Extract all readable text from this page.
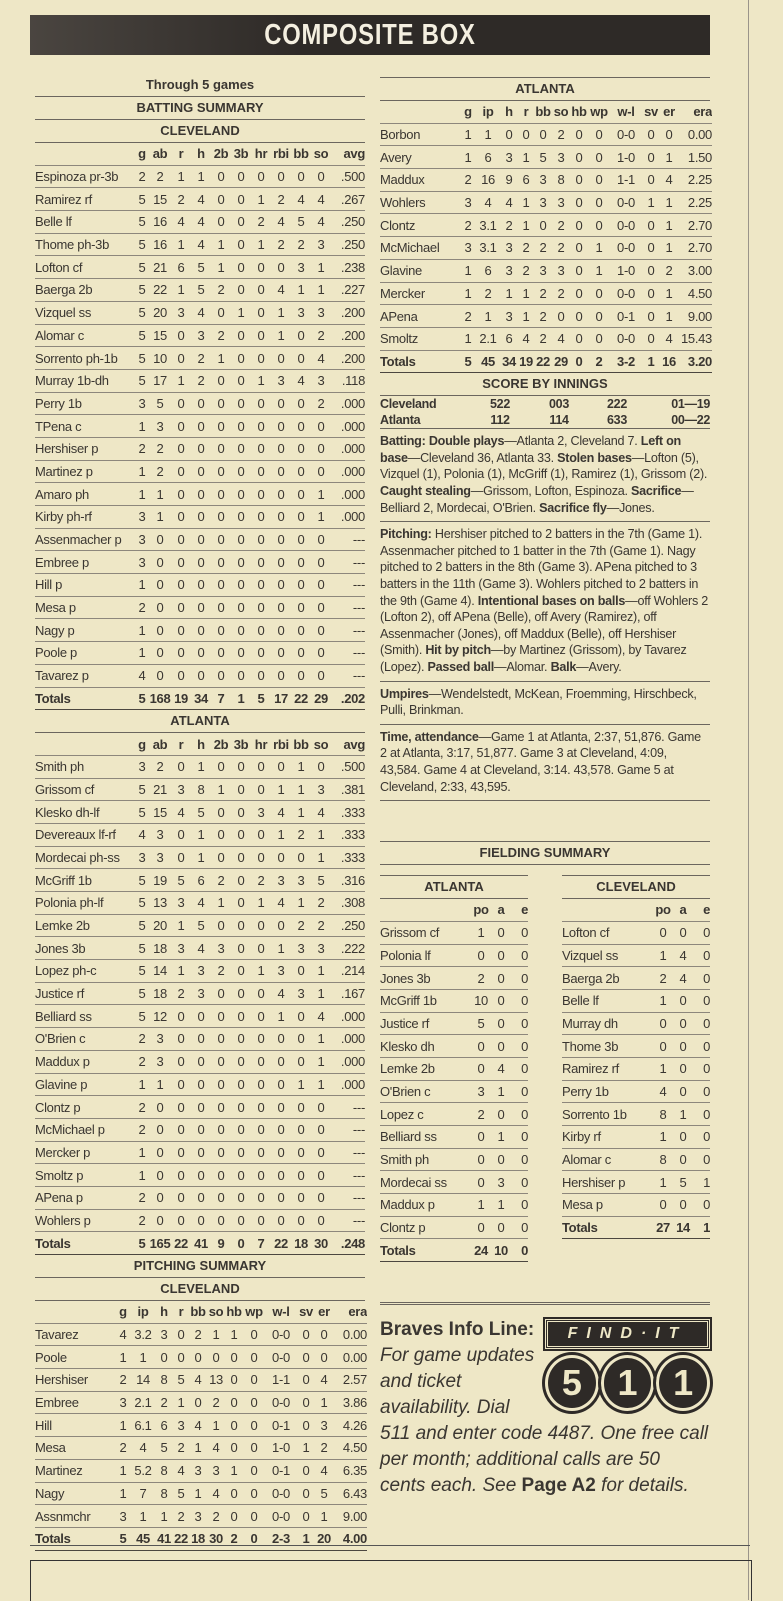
COMPOSITE BOX
Through 5 games
BATTING SUMMARY
CLEVELAND
	g	ab	r	h	2b	3b	hr	rbi	bb	so	avg
Espinoza pr-3b	2	2	1	1	0	0	0	0	0	0	.500
Ramirez rf	5	15	2	4	0	0	1	2	4	4	.267
Belle lf	5	16	4	4	0	0	2	4	5	4	.250
Thome ph-3b	5	16	1	4	1	0	1	2	2	3	.250
Lofton cf	5	21	6	5	1	0	0	0	3	1	.238
Baerga 2b	5	22	1	5	2	0	0	4	1	1	.227
Vizquel ss	5	20	3	4	0	1	0	1	3	3	.200
Alomar c	5	15	0	3	2	0	0	1	0	2	.200
Sorrento ph-1b	5	10	0	2	1	0	0	0	0	4	.200
Murray 1b-dh	5	17	1	2	0	0	1	3	4	3	.118
Perry 1b	3	5	0	0	0	0	0	0	0	2	.000
TPena c	1	3	0	0	0	0	0	0	0	0	.000
Hershiser p	2	2	0	0	0	0	0	0	0	0	.000
Martinez p	1	2	0	0	0	0	0	0	0	0	.000
Amaro ph	1	1	0	0	0	0	0	0	0	1	.000
Kirby ph-rf	3	1	0	0	0	0	0	0	0	1	.000
Assenmacher p	3	0	0	0	0	0	0	0	0	0	---
Embree p	3	0	0	0	0	0	0	0	0	0	---
Hill p	1	0	0	0	0	0	0	0	0	0	---
Mesa p	2	0	0	0	0	0	0	0	0	0	---
Nagy p	1	0	0	0	0	0	0	0	0	0	---
Poole p	1	0	0	0	0	0	0	0	0	0	---
Tavarez p	4	0	0	0	0	0	0	0	0	0	---
Totals	5	168	19	34	7	1	5	17	22	29	.202
ATLANTA
	g	ab	r	h	2b	3b	hr	rbi	bb	so	avg
Smith ph	3	2	0	1	0	0	0	0	1	0	.500
Grissom cf	5	21	3	8	1	0	0	1	1	3	.381
Klesko dh-lf	5	15	4	5	0	0	3	4	1	4	.333
Devereaux lf-rf	4	3	0	1	0	0	0	1	2	1	.333
Mordecai ph-ss	3	3	0	1	0	0	0	0	0	1	.333
McGriff 1b	5	19	5	6	2	0	2	3	3	5	.316
Polonia ph-lf	5	13	3	4	1	0	1	4	1	2	.308
Lemke 2b	5	20	1	5	0	0	0	0	2	2	.250
Jones 3b	5	18	3	4	3	0	0	1	3	3	.222
Lopez ph-c	5	14	1	3	2	0	1	3	0	1	.214
Justice rf	5	18	2	3	0	0	0	4	3	1	.167
Belliard ss	5	12	0	0	0	0	0	1	0	4	.000
O'Brien c	2	3	0	0	0	0	0	0	0	1	.000
Maddux p	2	3	0	0	0	0	0	0	0	1	.000
Glavine p	1	1	0	0	0	0	0	0	1	1	.000
Clontz p	2	0	0	0	0	0	0	0	0	0	---
McMichael p	2	0	0	0	0	0	0	0	0	0	---
Mercker p	1	0	0	0	0	0	0	0	0	0	---
Smoltz p	1	0	0	0	0	0	0	0	0	0	---
APena p	2	0	0	0	0	0	0	0	0	0	---
Wohlers p	2	0	0	0	0	0	0	0	0	0	---
Totals	5	165	22	41	9	0	7	22	18	30	.248
PITCHING SUMMARY
CLEVELAND
	g	ip	h	r	bb	so	hb	wp	w-l	sv	er	era
Tavarez	4	3.2	3	0	2	1	1	0	0-0	0	0	0.00
Poole	1	1	0	0	0	0	0	0	0-0	0	0	0.00
Hershiser	2	14	8	5	4	13	0	0	1-1	0	4	2.57
Embree	3	2.1	2	1	0	2	0	0	0-0	0	1	3.86
Hill	1	6.1	6	3	4	1	0	0	0-1	0	3	4.26
Mesa	2	4	5	2	1	4	0	0	1-0	1	2	4.50
Martinez	1	5.2	8	4	3	3	1	0	0-1	0	4	6.35
Nagy	1	7	8	5	1	4	0	0	0-0	0	5	6.43
Assnmchr	3	1	1	2	3	2	0	0	0-0	0	1	9.00
Totals	5	45	41	22	18	30	2	0	2-3	1	20	4.00
ATLANTA
	g	ip	h	r	bb	so	hb	wp	w-l	sv	er	era
Borbon	1	1	0	0	0	2	0	0	0-0	0	0	0.00
Avery	1	6	3	1	5	3	0	0	1-0	0	1	1.50
Maddux	2	16	9	6	3	8	0	0	1-1	0	4	2.25
Wohlers	3	4	4	1	3	3	0	0	0-0	1	1	2.25
Clontz	2	3.1	2	1	0	2	0	0	0-0	0	1	2.70
McMichael	3	3.1	3	2	2	2	0	1	0-0	0	1	2.70
Glavine	1	6	3	2	3	3	0	1	1-0	0	2	3.00
Mercker	1	2	1	1	2	2	0	0	0-0	0	1	4.50
APena	2	1	3	1	2	0	0	0	0-1	0	1	9.00
Smoltz	1	2.1	6	4	2	4	0	0	0-0	0	4	15.43
Totals	5	45	34	19	22	29	0	2	3-2	1	16	3.20
SCORE BY INNINGS
Cleveland	522	003	222	01—19
Atlanta	112	114	633	00—22
Batting: Double plays—Atlanta 2, Cleveland 7. Left on base—Cleveland 36, Atlanta 33. Stolen bases—Lofton (5), Vizquel (1), Polonia (1), McGriff (1), Ramirez (1), Grissom (2). Caught stealing—Grissom, Lofton, Espinoza. Sacrifice—Belliard 2, Mordecai, O'Brien. Sacrifice fly—Jones.
Pitching: Hershiser pitched to 2 batters in the 7th (Game 1). Assenmacher pitched to 1 batter in the 7th (Game 1). Nagy pitched to 2 batters in the 8th (Game 3). APena pitched to 3 batters in the 11th (Game 3). Wohlers pitched to 2 batters in the 9th (Game 4). Intentional bases on balls—off Wohlers 2 (Lofton 2), off APena (Belle), off Avery (Ramirez), off Assenmacher (Jones), off Maddux (Belle), off Hershiser (Smith). Hit by pitch—by Martinez (Grissom), by Tavarez (Lopez). Passed ball—Alomar. Balk—Avery.
Umpires—Wendelstedt, McKean, Froemming, Hirschbeck, Pulli, Brinkman.
Time, attendance—Game 1 at Atlanta, 2:37, 51,876. Game 2 at Atlanta, 3:17, 51,877. Game 3 at Cleveland, 4:09, 43,584. Game 4 at Cleveland, 3:14. 43,578. Game 5 at Cleveland, 2:33, 43,595.
FIELDING SUMMARY
ATLANTA
	po	a	e
Grissom cf	1	0	0
Polonia lf	0	0	0
Jones 3b	2	0	0
McGriff 1b	10	0	0
Justice rf	5	0	0
Klesko dh	0	0	0
Lemke 2b	0	4	0
O'Brien c	3	1	0
Lopez c	2	0	0
Belliard ss	0	1	0
Smith ph	0	0	0
Mordecai ss	0	3	0
Maddux p	1	1	0
Clontz p	0	0	0
Totals	24	10	0
CLEVELAND
	po	a	e
Lofton cf	0	0	0
Vizquel ss	1	4	0
Baerga 2b	2	4	0
Belle lf	1	0	0
Murray dh	0	0	0
Thome 3b	0	0	0
Ramirez rf	1	0	0
Perry 1b	4	0	0
Sorrento 1b	8	1	0
Kirby rf	1	0	0
Alomar c	8	0	0
Hershiser p	1	5	1
Mesa p	0	0	0
Totals	27	14	1
FIND·IT
5 1 1
Braves Info Line: For game updates and ticket availability. Dial 511 and enter code 4487. One free call per month; additional calls are 50 cents each. See Page A2 for details.
